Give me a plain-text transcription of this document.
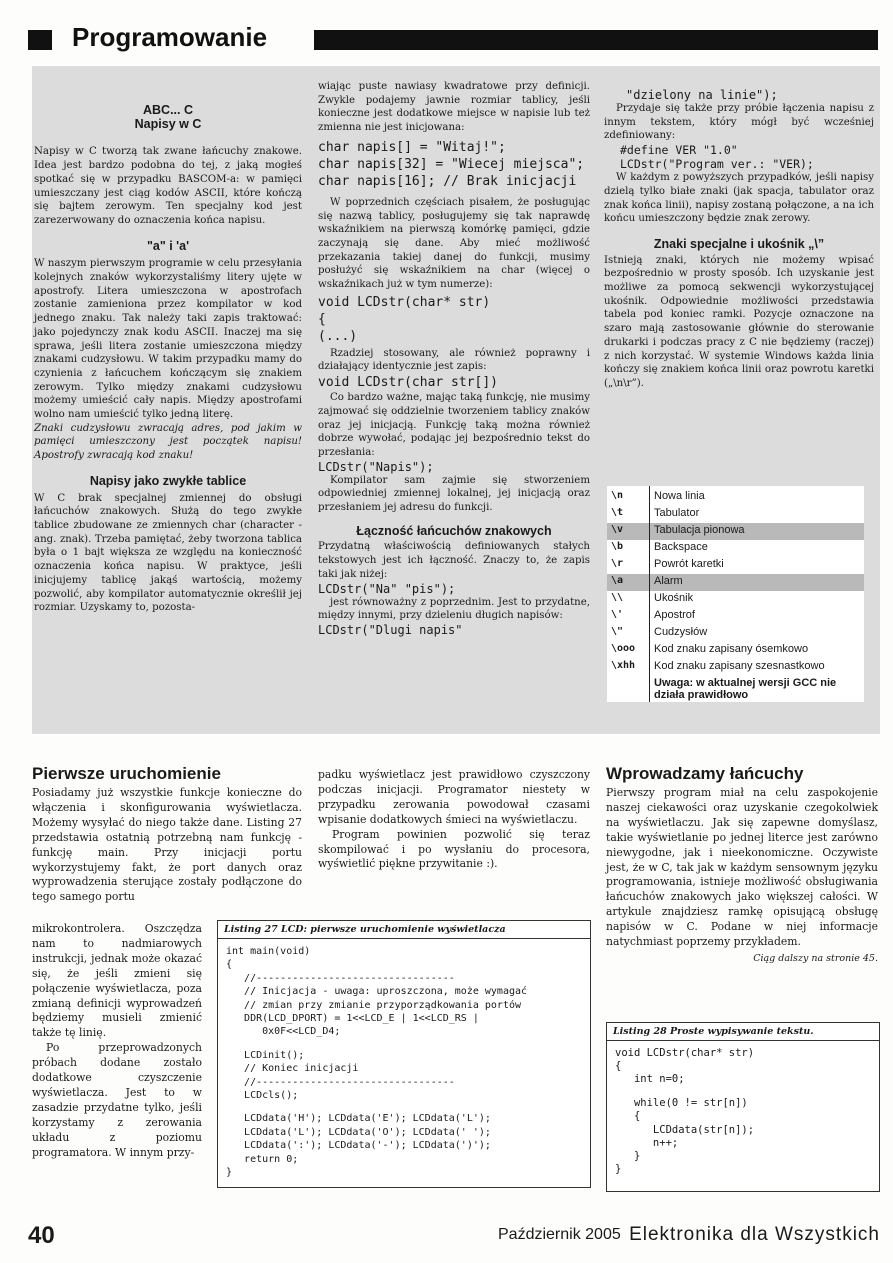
Programowanie

ABC... C

Napisy w C

Napisy w C tworzą tak zwane łańcuchy znakowe. Idea jest bardzo podobna do tej, z jaką mogłeś spotkać się w przypadku BASCOM-a: w pamięci umieszczany jest ciąg kodów ASCII, które kończą się bajtem zerowym. Ten specjalny kod jest zarezerwowany do oznaczenia końca napisu.

"a" i 'a'

W naszym pierwszym programie w celu przesyłania kolejnych znaków wykorzystaliśmy litery ujęte w apostrofy. Litera umieszczona w apostrofach zostanie zamieniona przez kompilator w kod jednego znaku. Tak należy taki zapis traktować: jako pojedynczy znak kodu ASCII. Inaczej ma się sprawa, jeśli litera zostanie umieszczona między znakami cudzysłowu. W takim przypadku mamy do czynienia z łańcuchem kończącym się znakiem zerowym. Tylko między znakami cudzysłowu możemy umieścić cały napis. Między apostrofami wolno nam umieścić tylko jedną literę.

Znaki cudzysłowu zwracają adres, pod jakim w pamięci umieszczony jest początek napisu! Apostrofy zwracają kod znaku!

Napisy jako zwykłe tablice

W C brak specjalnej zmiennej do obsługi łańcuchów znakowych. Służą do tego zwykłe tablice zbudowane ze zmiennych char (character - ang. znak). Trzeba pamiętać, żeby tworzona tablica była o 1 bajt większa ze względu na konieczność oznaczenia końca napisu. W praktyce, jeśli inicjujemy tablicę jakąś wartością, możemy pozwolić, aby kompilator automatycznie określił jej rozmiar. Uzyskamy to, pozosta-

wiając puste nawiasy kwadratowe przy definicji. Zwykle podajemy jawnie rozmiar tablicy, jeśli konieczne jest dodatkowe miejsce w napisie lub też zmienna nie jest inicjowana:

char napis[] = "Witaj!";
char napis[32] = "Wiecej miejsca";
char napis[16]; // Brak inicjacji

W poprzednich częściach pisałem, że posługując się nazwą tablicy, posługujemy się tak naprawdę wskaźnikiem na pierwszą komórkę pamięci, gdzie zaczynają się dane. Aby mieć możliwość przekazania takiej danej do funkcji, musimy posłużyć się wskaźnikiem na char (więcej o wskaźnikach już w tym numerze):

void LCDstr(char* str)
{
(...)

Rzadziej stosowany, ale również poprawny i działający identycznie jest zapis:

void LCDstr(char str[])

Co bardzo ważne, mając taką funkcję, nie musimy zajmować się oddzielnie tworzeniem tablicy znaków oraz jej inicjacją. Funkcję taką można również dobrze wywołać, podając jej bezpośrednio tekst do przesłania:

LCDstr("Napis");

Kompilator sam zajmie się stworzeniem odpowiedniej zmiennej lokalnej, jej inicjacją oraz przesłaniem jej adresu do funkcji.

Łączność łańcuchów znakowych

Przydatną właściwością definiowanych stałych tekstowych jest ich łączność. Znaczy to, że zapis taki jak niżej:

LCDstr("Na" "pis");

jest równoważny z poprzednim. Jest to przydatne, między innymi, przy dzieleniu długich napisów:

LCDstr("Dlugi napis"
"dzielony na linie");

Przydaje się także przy próbie łączenia napisu z innym tekstem, który mógł być wcześniej zdefiniowany:

#define VER "1.0"
LCDstr("Program ver.: "VER);

W każdym z powyższych przypadków, jeśli napisy dzielą tylko białe znaki (jak spacja, tabulator oraz znak końca linii), napisy zostaną połączone, a na ich końcu umieszczony będzie znak zerowy.

Znaki specjalne i ukośnik „\”

Istnieją znaki, których nie możemy wpisać bezpośrednio w prosty sposób. Ich uzyskanie jest możliwe za pomocą sekwencji wykorzystującej ukośnik. Odpowiednie możliwości przedstawia tabela pod koniec ramki. Pozycje oznaczone na szaro mają zastosowanie głównie do sterowanie drukarki i podczas pracy z C nie będziemy (raczej) z nich korzystać. W systemie Windows każda linia kończy się znakiem końca linii oraz powrotu karetki („\n\r”).

\n	Nowa linia
\t	Tabulator
\v	Tabulacja pionowa
\b	Backspace
\r	Powrót karetki
\a	Alarm
\\	Ukośnik
\'	Apostrof
\"	Cudzysłów
\ooo	Kod znaku zapisany ósemkowo
\xhh	Kod znaku zapisany szesnastkowo
	Uwaga: w aktualnej wersji GCC nie działa prawidłowo

Pierwsze uruchomienie

Posiadamy już wszystkie funkcje konieczne do włączenia i skonfigurowania wyświetlacza. Możemy wysyłać do niego także dane. Listing 27 przedstawia ostatnią potrzebną nam funkcję - funkcję main. Przy inicjacji portu wykorzystujemy fakt, że port danych oraz wyprowadzenia sterujące zostały podłączone do tego samego portu

mikrokontrolera. Oszczędza nam to nadmiarowych instrukcji, jednak może okazać się, że jeśli zmieni się połączenie wyświetlacza, poza zmianą definicji wyprowadzeń będziemy musieli zmienić także tę linię.

Po przeprowadzonych próbach dodane zostało dodatkowe czyszczenie wyświetlacza. Jest to w zasadzie przydatne tylko, jeśli korzystamy z zerowania układu z poziomu programatora. W innym przy-

padku wyświetlacz jest prawidłowo czyszczony podczas inicjacji. Programator niestety w przypadku zerowania powodował czasami wpisanie dodatkowych śmieci na wyświetlaczu.

Program powinien pozwolić się teraz skompilować i po wysłaniu do procesora, wyświetlić piękne przywitanie :).

Listing 27 LCD: pierwsze uruchomienie wyświetlacza
int main(void)
{
//---------------------------------
// Inicjacja - uwaga: uproszczona, może wymagać
// zmian przy zmianie przyporządkowania portów
DDR(LCD_DPORT) = 1<<LCD_E | 1<<LCD_RS |
0x0F<<LCD_D4;
LCDinit();
// Koniec inicjacji
//---------------------------------
LCDcls();
LCDdata('H'); LCDdata('E'); LCDdata('L');
LCDdata('L'); LCDdata('O'); LCDdata(' ');
LCDdata(':'); LCDdata('-'); LCDdata(')');
return 0;
}

Wprowadzamy łańcuchy

Pierwszy program miał na celu zaspokojenie naszej ciekawości oraz uzyskanie czegokolwiek na wyświetlaczu. Jak się zapewne domyślasz, takie wyświetlanie po jednej literce jest zarówno niewygodne, jak i nieekonomiczne. Oczywiste jest, że w C, tak jak w każdym sensownym języku programowania, istnieje możliwość obsługiwania łańcuchów znakowych jako większej całości. W artykule znajdziesz ramkę opisującą obsługę napisów w C. Podane w niej informacje natychmiast poprzemy przykładem.

Ciąg dalszy na stronie 45.

Listing 28 Proste wypisywanie tekstu.
void LCDstr(char* str)
{
int n=0;
while(0 != str[n])
{
LCDdata(str[n]);
n++;
}
}
40	Październik 2005 Elektronika dla Wszystkich
